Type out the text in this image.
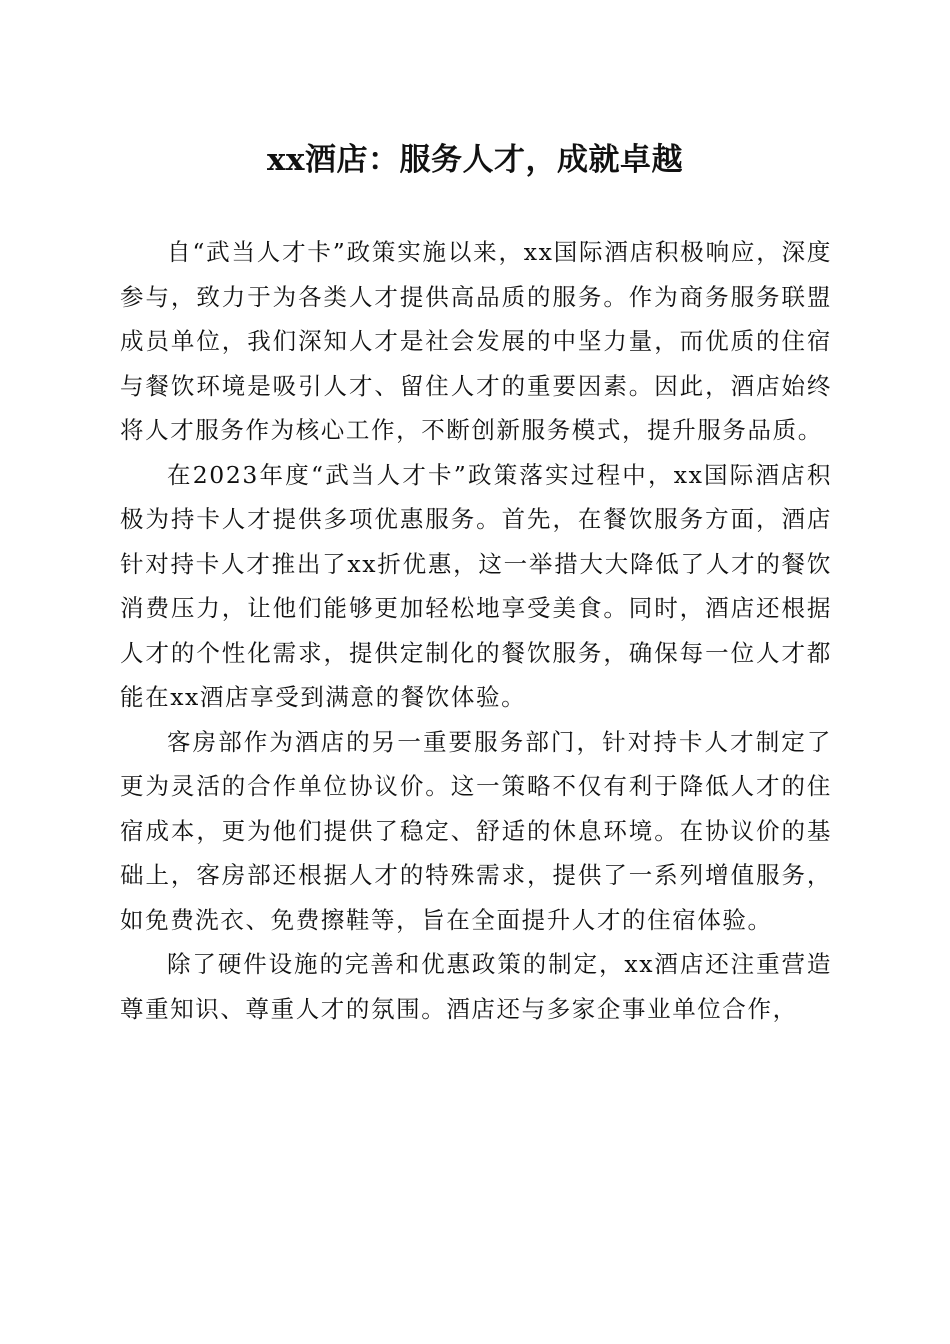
xx酒店：服务人才，成就卓越

自“武当人才卡”政策实施以来，xx国际酒店积极响应，深度参与，致力于为各类人才提供高品质的服务。作为商务服务联盟成员单位，我们深知人才是社会发展的中坚力量，而优质的住宿与餐饮环境是吸引人才、留住人才的重要因素。因此，酒店始终将人才服务作为核心工作，不断创新服务模式，提升服务品质。

在2023年度“武当人才卡”政策落实过程中，xx国际酒店积极为持卡人才提供多项优惠服务。首先，在餐饮服务方面，酒店针对持卡人才推出了xx折优惠，这一举措大大降低了人才的餐饮消费压力，让他们能够更加轻松地享受美食。同时，酒店还根据人才的个性化需求，提供定制化的餐饮服务，确保每一位人才都能在xx酒店享受到满意的餐饮体验。

客房部作为酒店的另一重要服务部门，针对持卡人才制定了更为灵活的合作单位协议价。这一策略不仅有利于降低人才的住宿成本，更为他们提供了稳定、舒适的休息环境。在协议价的基础上，客房部还根据人才的特殊需求，提供了一系列增值服务，如免费洗衣、免费擦鞋等，旨在全面提升人才的住宿体验。

除了硬件设施的完善和优惠政策的制定，xx酒店还注重营造尊重知识、尊重人才的氛围。酒店还与多家企事业单位合作，
